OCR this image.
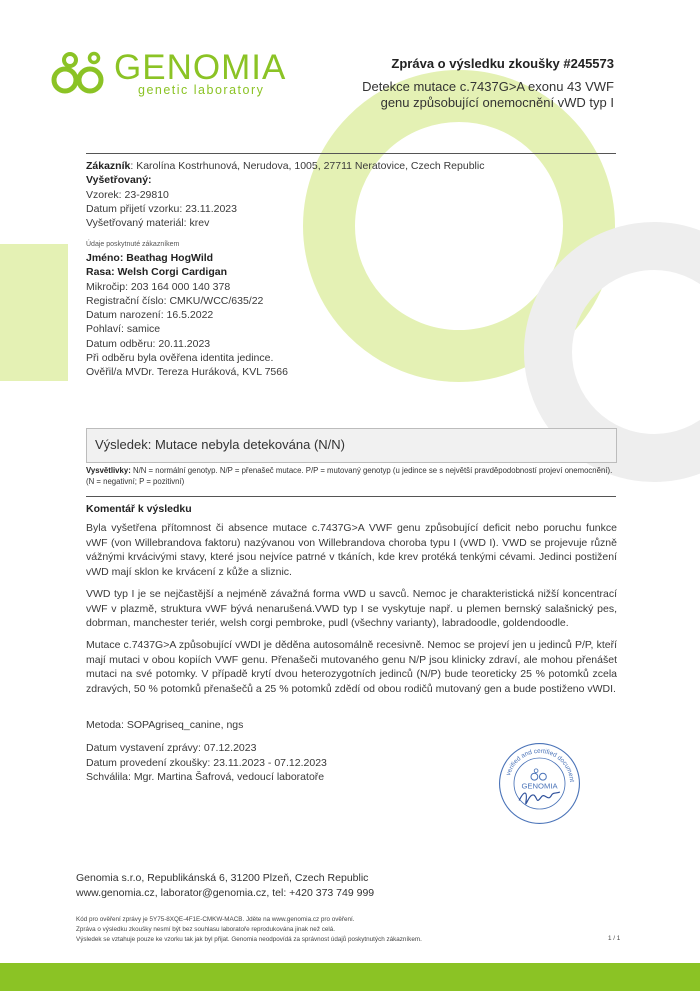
GENOMIA
genetic laboratory
Zpráva o výsledku zkoušky #245573
Detekce mutace c.7437G>A exonu 43 VWF
genu způsobující onemocnění vWD typ I
Zákazník: Karolína Kostrhunová, Nerudova, 1005, 27711 Neratovice, Czech Republic
Vyšetřovaný:
Vzorek: 23-29810
Datum přijetí vzorku: 23.11.2023
Vyšetřovaný materiál: krev
Údaje poskytnuté zákazníkem
Jméno: Beathag HogWild
Rasa: Welsh Corgi Cardigan
Mikročip: 203 164 000 140 378
Registrační číslo: CMKU/WCC/635/22
Datum narození: 16.5.2022
Pohlaví: samice
Datum odběru: 20.11.2023
Při odběru byla ověřena identita jedince.
Ověřil/a MVDr. Tereza Huráková, KVL 7566
Výsledek: Mutace nebyla detekována (N/N)
Vysvětlivky: N/N = normální genotyp. N/P = přenašeč mutace. P/P = mutovaný genotyp (u jedince se s největší pravděpodobností projeví onemocnění). (N = negativní; P = pozitivní)
Komentář k výsledku
Byla vyšetřena přítomnost či absence mutace c.7437G>A VWF genu způsobující deficit nebo poruchu funkce vWF (von Willebrandova faktoru) nazývanou von Willebrandova choroba typu I (vWD I). VWD se projevuje různě vážnými krvácivými stavy, které jsou nejvíce patrné v tkáních, kde krev protéká tenkými cévami. Jedinci postižení vWD mají sklon ke krvácení z kůže a sliznic.
VWD typ I je se nejčastější a nejméně závažná forma vWD u savců. Nemoc je charakteristická nižší koncentrací vWF v plazmě, struktura vWF bývá nenarušená.VWD typ I se vyskytuje např. u plemen bernský salašnický pes, dobrman, manchester teriér, welsh corgi pembroke, pudl (všechny varianty), labradoodle, goldendoodle.
Mutace c.7437G>A způsobující vWDI je děděna autosomálně recesivně. Nemoc se projeví jen u jedinců P/P, kteří mají mutaci v obou kopiích VWF genu. Přenašeči mutovaného genu N/P jsou klinicky zdraví, ale mohou přenášet mutaci na své potomky. V případě krytí dvou heterozygotních jedinců (N/P) bude teoreticky 25 % potomků zcela zdravých, 50 % potomků přenašečů a 25 % potomků zdědí od obou rodičů mutovaný gen a bude postiženo vWDI.
Metoda: SOPAgriseq_canine, ngs
Datum vystavení zprávy: 07.12.2023
Datum provedení zkoušky: 23.11.2023 - 07.12.2023
Schválila: Mgr. Martina Šafrová, vedoucí laboratoře	verified and certified document
GENOMIA
Genomia s.r.o, Republikánská 6, 31200 Plzeň, Czech Republic
www.genomia.cz, laborator@genomia.cz, tel: +420 373 749 999
Kód pro ověření zprávy je 5Y75-8XQE-4F1E-CMKW-MACB. Jděte na www.genomia.cz pro ověření.
Zpráva o výsledku zkoušky nesmí být bez souhlasu laboratoře reprodukována jinak než celá.
Výsledek se vztahuje pouze ke vzorku tak jak byl přijat. Genomia neodpovídá za správnost údajů poskytnutých zákazníkem.	1 / 1
